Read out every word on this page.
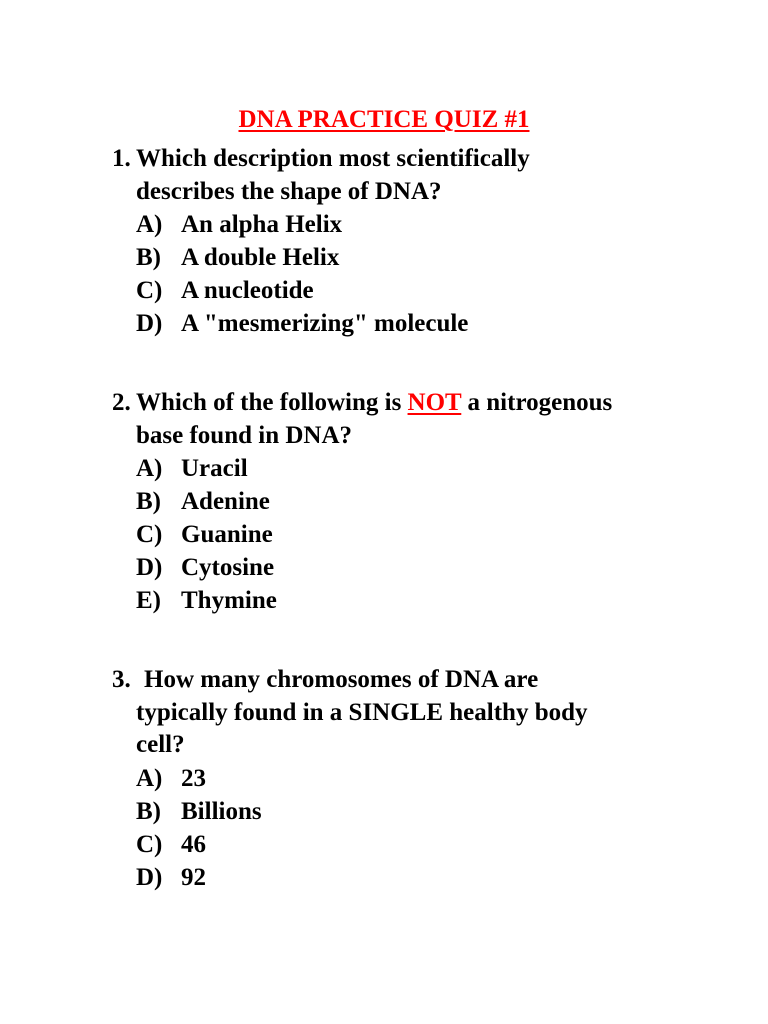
DNA PRACTICE QUIZ #1
1. Which description most scientifically
describes the shape of DNA?
A) An alpha Helix
B) A double Helix
C) A nucleotide
D) A "mesmerizing" molecule
2. Which of the following is NOT a nitrogenous
base found in DNA?
A) Uracil
B) Adenine
C) Guanine
D) Cytosine
E) Thymine
3. How many chromosomes of DNA are
typically found in a SINGLE healthy body
cell?
A) 23
B) Billions
C) 46
D) 92
